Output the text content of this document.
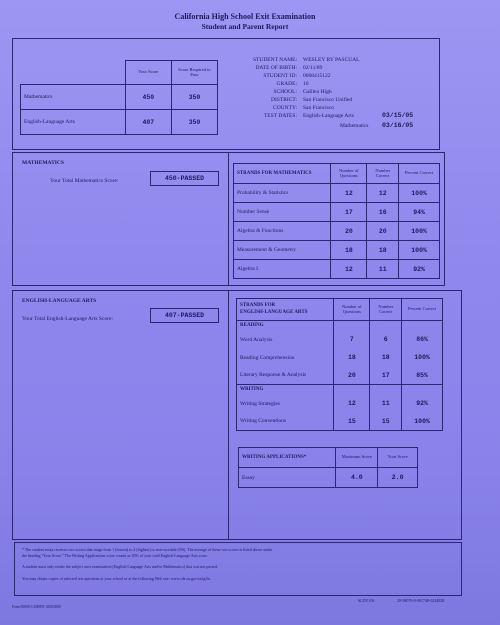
California High School Exit Examination
Student and Parent Report
	Your Score	Score Required to Pass
Mathematics	450	350
English-Language Arts	407	350
STUDENT NAME: WESLEY RY PASCUAL
DATE OF BIRTH: 02/11/89
STUDENT ID: 0068415122
GRADE: 10
SCHOOL: Galileo High
DISTRICT: San Francisco Unified
COUNTY: San Francisco
TEST DATES: English-Language Arts	03/15/05
Mathematics 03/16/05
MATHEMATICS
Your Total Mathematics Score:	450-PASSED
STRANDS FOR MATHEMATICS	Number of Questions	Number Correct	Percent Correct
Probability & Statistics	12	12	100%
Number Sense	17	16	94%
Algebra & Functions	20	20	100%
Measurement & Geometry	18	18	100%
Algebra I	12	11	92%
ENGLISH-LANGUAGE ARTS
Your Total English-Language Arts Score:	407-PASSED
STRANDS FOR
ENGLISH-LANGUAGE ARTS	Number of Questions	Number Correct	Percent Correct
READING			
Word Analysis	7	6	86%
Reading Comprehension	18	18	100%
Literary Response & Analysis	20	17	85%
WRITING			
Writing Strategies	12	11	92%
Writing Conventions	15	15	100%
WRITING APPLICATIONS*	Maximum Score	Your Score
Essay	4.0	2.0
* The student essay receives two scores that range from 1 (lowest) to 4 (highest) or non-scorable (NS). The average of these two scores is listed above under
the heading "Your Score." The Writing Applications score counts as 30% of your total English-Language Arts score.
A student must only retake the subject area examination (English-Language Arts and/or Mathematics) that was not passed.
You may obtain copies of selected test questions at your school or at the following Web site: www.cde.ca.gov/ta/tg/hs.
Form 00000 CAHSEE 1000/2000
SLDY106	28-98076-0-001748-0234828
